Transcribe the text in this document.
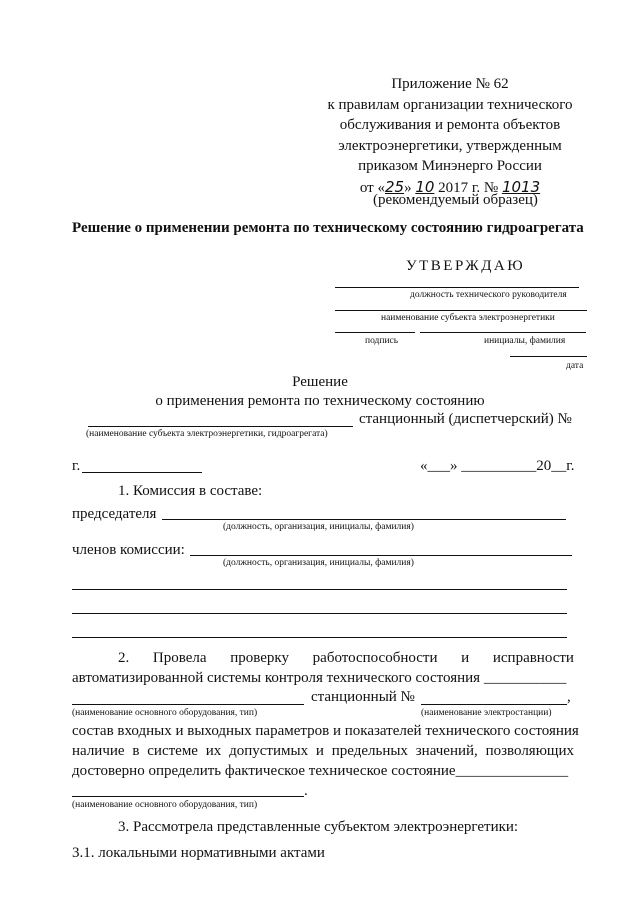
Приложение № 62
к правилам организации технического
обслуживания и ремонта объектов
электроэнергетики, утвержденным
приказом Минэнерго России
от «25» 10 2017 г. № 1013
(рекомендуемый образец)
Решение о применении ремонта по техническому состоянию гидроагрегата
УТВЕРЖДАЮ
должность технического руководителя
наименование субъекта электроэнергетики
подпись	инициалы, фамилия
дата
Решение
о применения ремонта по техническому состоянию
станционный (диспетчерский) №
(наименование субъекта электроэнергетики, гидроагрегата)
г.	«___» __________20__г.
1. Комиссия в составе:
председателя
(должность, организация, инициалы, фамилия)
членов комиссии:
(должность, организация, инициалы, фамилия)
2. Провела проверку работоспособности и исправности
автоматизированной системы контроля технического состояния ___________
станционный №	,
(наименование основного оборудования, тип)	(наименование электростанции)
состав входных и выходных параметров и показателей технического состояния
наличие в системе их допустимых и предельных значений, позволяющих
достоверно определить фактическое техническое состояние_______________
.
(наименование основного оборудования, тип)
3. Рассмотрела представленные субъектом электроэнергетики:
3.1. локальными нормативными актами
